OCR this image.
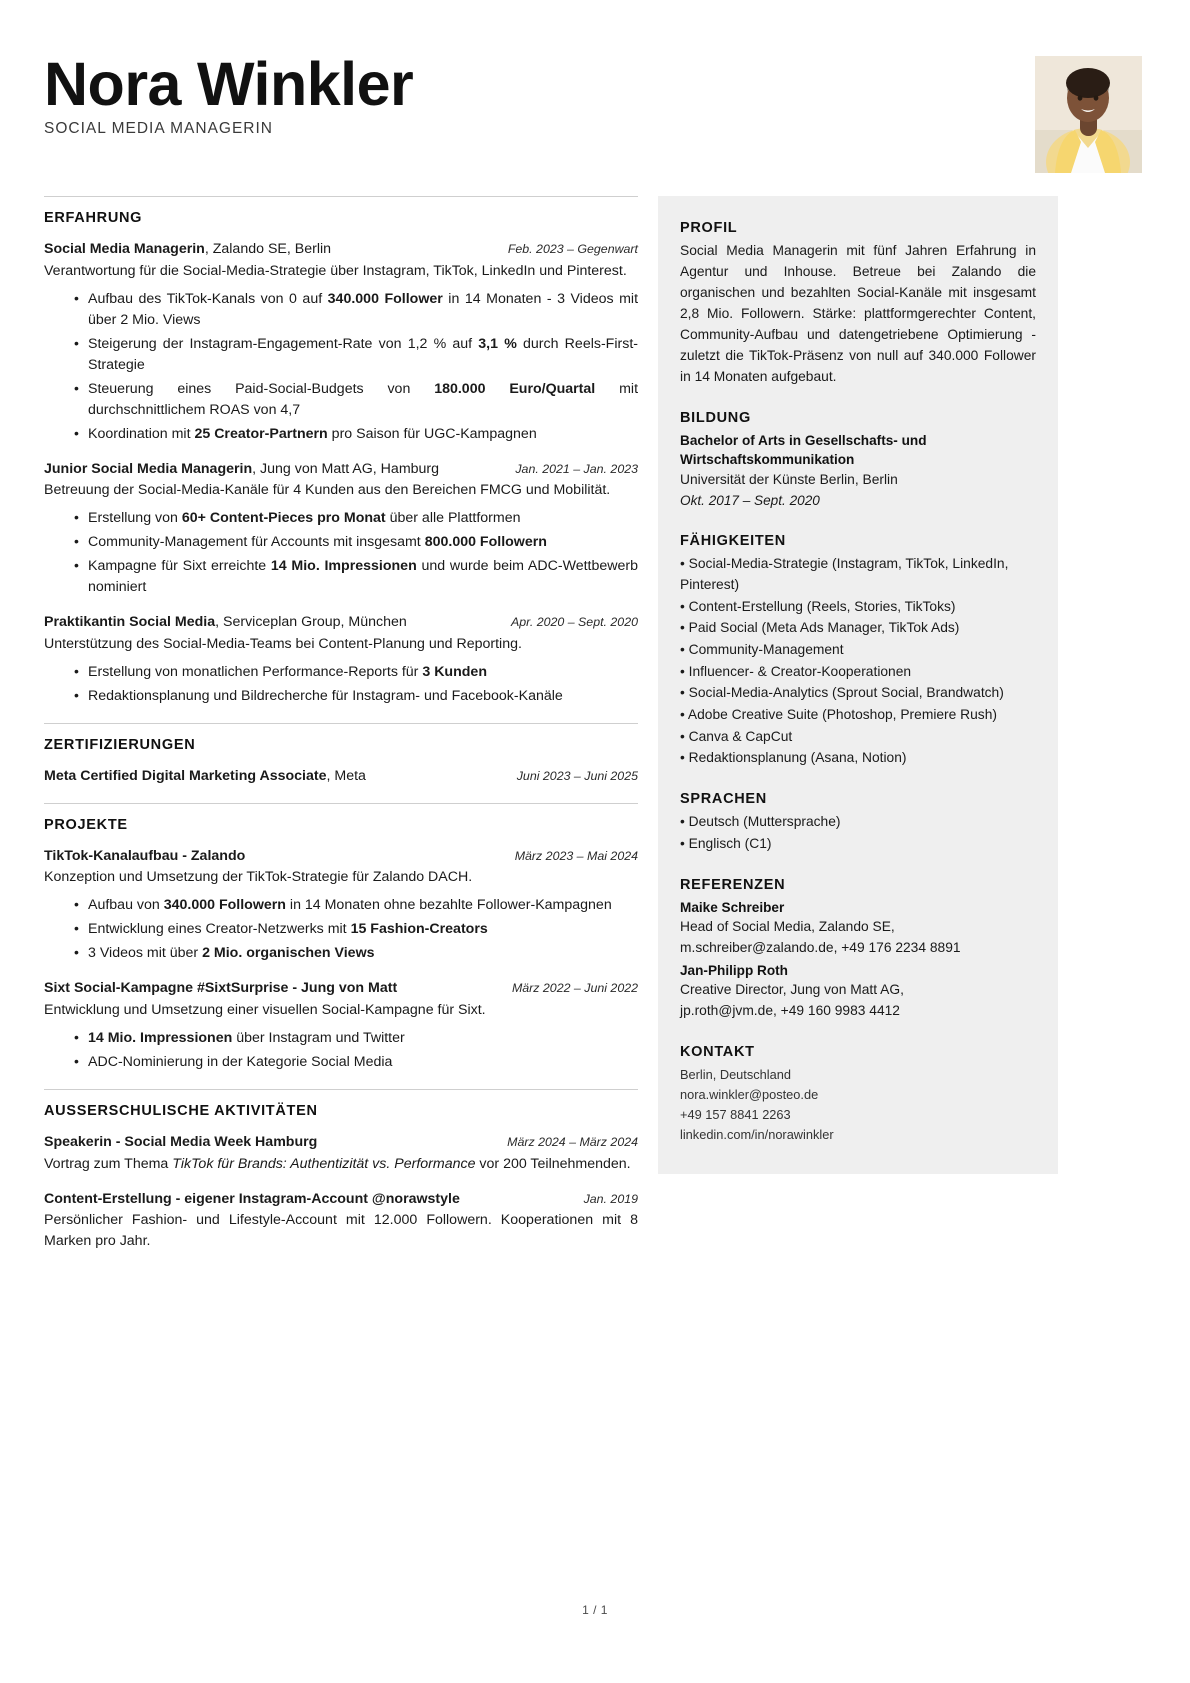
Nora Winkler
SOCIAL MEDIA MANAGERIN
ERFAHRUNG
Social Media Managerin, Zalando SE, Berlin	Feb. 2023 – Gegenwart
Verantwortung für die Social-Media-Strategie über Instagram, TikTok, LinkedIn und Pinterest.
• Aufbau des TikTok-Kanals von 0 auf 340.000 Follower in 14 Monaten - 3 Videos mit über 2 Mio. Views
• Steigerung der Instagram-Engagement-Rate von 1,2 % auf 3,1 % durch Reels-First-Strategie
• Steuerung eines Paid-Social-Budgets von 180.000 Euro/Quartal mit durchschnittlichem ROAS von 4,7
• Koordination mit 25 Creator-Partnern pro Saison für UGC-Kampagnen
Junior Social Media Managerin, Jung von Matt AG, Hamburg	Jan. 2021 – Jan. 2023
Betreuung der Social-Media-Kanäle für 4 Kunden aus den Bereichen FMCG und Mobilität.
• Erstellung von 60+ Content-Pieces pro Monat über alle Plattformen
• Community-Management für Accounts mit insgesamt 800.000 Followern
• Kampagne für Sixt erreichte 14 Mio. Impressionen und wurde beim ADC-Wettbewerb nominiert
Praktikantin Social Media, Serviceplan Group, München	Apr. 2020 – Sept. 2020
Unterstützung des Social-Media-Teams bei Content-Planung und Reporting.
• Erstellung von monatlichen Performance-Reports für 3 Kunden
• Redaktionsplanung und Bildrecherche für Instagram- und Facebook-Kanäle
ZERTIFIZIERUNGEN
Meta Certified Digital Marketing Associate, Meta	Juni 2023 – Juni 2025
PROJEKTE
TikTok-Kanalaufbau - Zalando	März 2023 – Mai 2024
Konzeption und Umsetzung der TikTok-Strategie für Zalando DACH.
• Aufbau von 340.000 Followern in 14 Monaten ohne bezahlte Follower-Kampagnen
• Entwicklung eines Creator-Netzwerks mit 15 Fashion-Creators
• 3 Videos mit über 2 Mio. organischen Views
Sixt Social-Kampagne #SixtSurprise - Jung von Matt	März 2022 – Juni 2022
Entwicklung und Umsetzung einer visuellen Social-Kampagne für Sixt.
• 14 Mio. Impressionen über Instagram und Twitter
• ADC-Nominierung in der Kategorie Social Media
AUSSERSCHULISCHE AKTIVITÄTEN
Speakerin - Social Media Week Hamburg	März 2024 – März 2024
Vortrag zum Thema TikTok für Brands: Authentizität vs. Performance vor 200 Teilnehmenden.
Content-Erstellung - eigener Instagram-Account @norawstyle	Jan. 2019
Persönlicher Fashion- und Lifestyle-Account mit 12.000 Followern. Kooperationen mit 8 Marken pro Jahr.
PROFIL
Social Media Managerin mit fünf Jahren Erfahrung in Agentur und Inhouse. Betreue bei Zalando die organischen und bezahlten Social-Kanäle mit insgesamt 2,8 Mio. Followern. Stärke: plattformgerechter Content, Community-Aufbau und datengetriebene Optimierung - zuletzt die TikTok-Präsenz von null auf 340.000 Follower in 14 Monaten aufgebaut.
BILDUNG
Bachelor of Arts in Gesellschafts- und Wirtschaftskommunikation
Universität der Künste Berlin, Berlin
Okt. 2017 – Sept. 2020
FÄHIGKEITEN
• Social-Media-Strategie (Instagram, TikTok, LinkedIn, Pinterest)
• Content-Erstellung (Reels, Stories, TikToks)
• Paid Social (Meta Ads Manager, TikTok Ads)
• Community-Management
• Influencer- & Creator-Kooperationen
• Social-Media-Analytics (Sprout Social, Brandwatch)
• Adobe Creative Suite (Photoshop, Premiere Rush)
• Canva & CapCut
• Redaktionsplanung (Asana, Notion)
SPRACHEN
• Deutsch (Muttersprache)
• Englisch (C1)
REFERENZEN
Maike Schreiber
Head of Social Media, Zalando SE,
m.schreiber@zalando.de, +49 176 2234 8891
Jan-Philipp Roth
Creative Director, Jung von Matt AG,
jp.roth@jvm.de, +49 160 9983 4412
KONTAKT
Berlin, Deutschland
nora.winkler@posteo.de
+49 157 8841 2263
linkedin.com/in/norawinkler
1 / 1
